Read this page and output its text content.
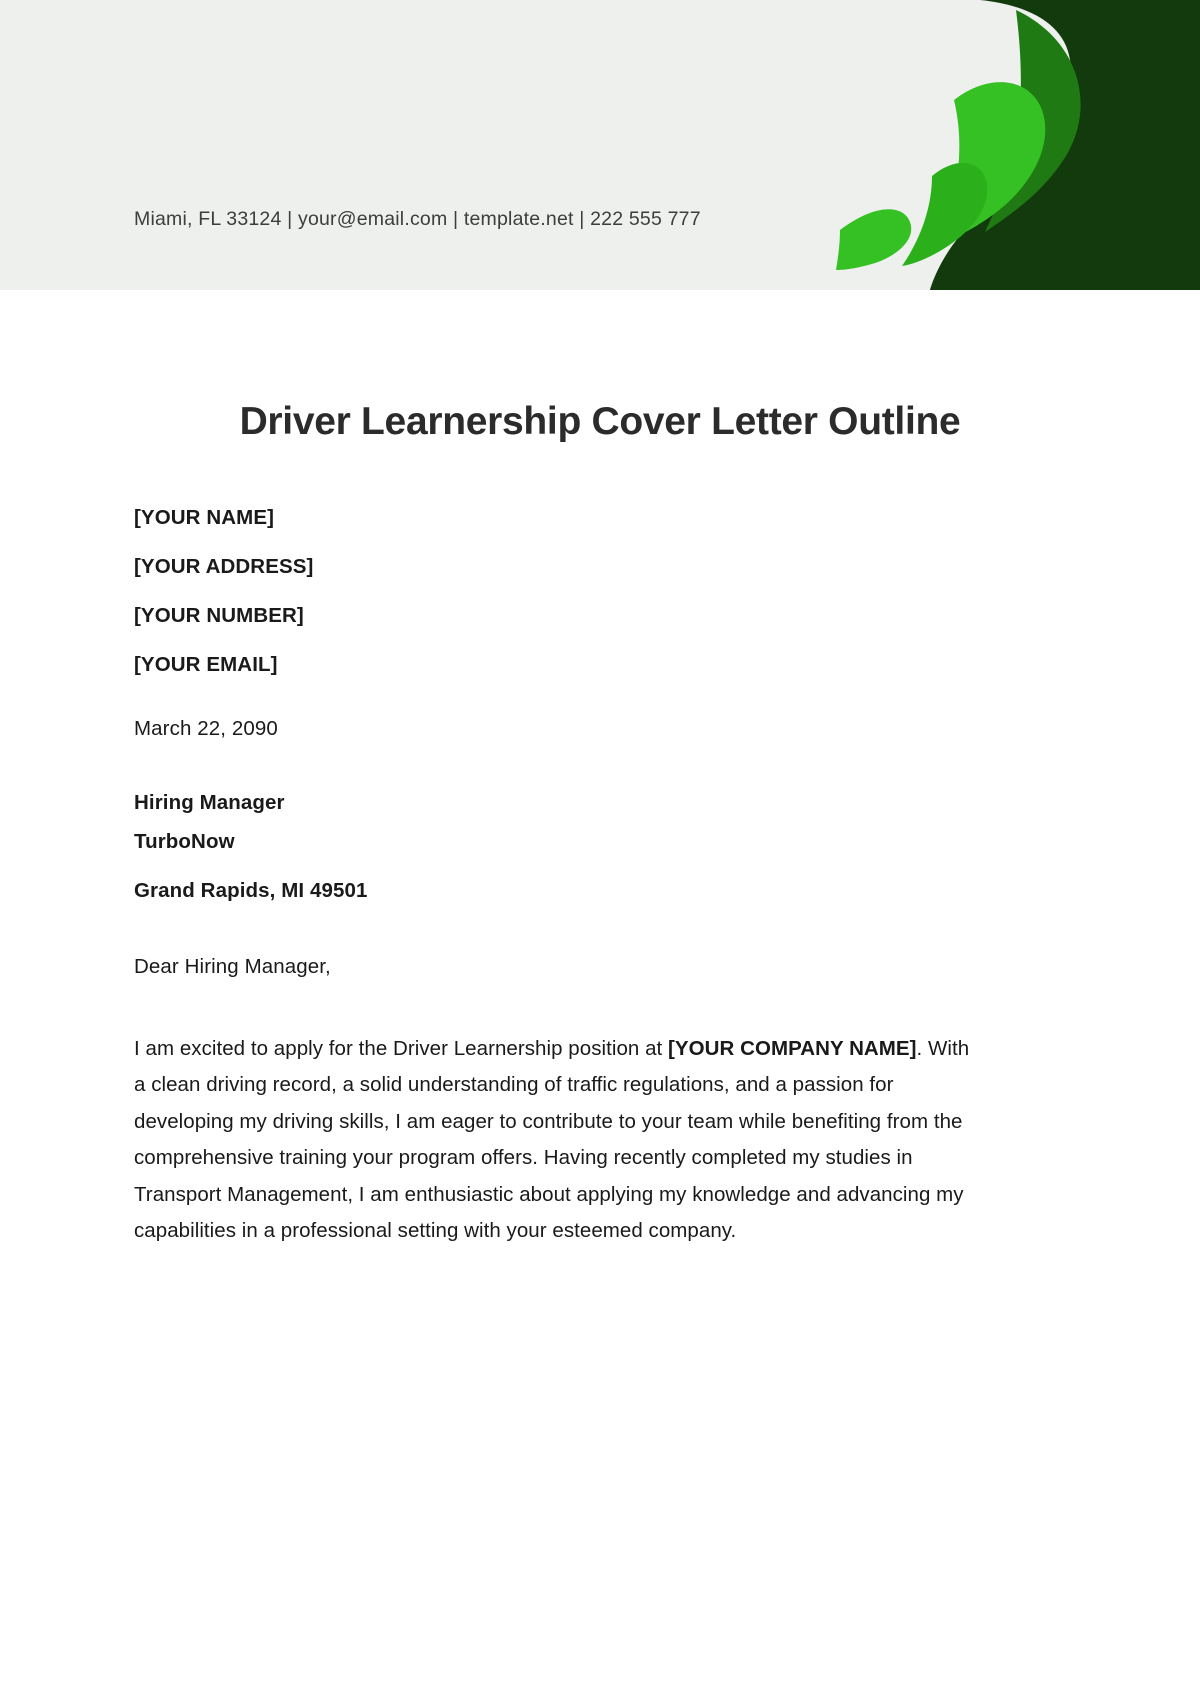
Miami, FL 33124 | your@email.com | template.net | 222 555 777
Driver Learnership Cover Letter Outline

[YOUR NAME]

[YOUR ADDRESS]

[YOUR NUMBER]

[YOUR EMAIL]

March 22, 2090

Hiring Manager

TurboNow

Grand Rapids, MI 49501

Dear Hiring Manager,

I am excited to apply for the Driver Learnership position at [YOUR COMPANY NAME]. With a clean driving record, a solid understanding of traffic regulations, and a passion for developing my driving skills, I am eager to contribute to your team while benefiting from the comprehensive training your program offers. Having recently completed my studies in Transport Management, I am enthusiastic about applying my knowledge and advancing my capabilities in a professional setting with your esteemed company.
